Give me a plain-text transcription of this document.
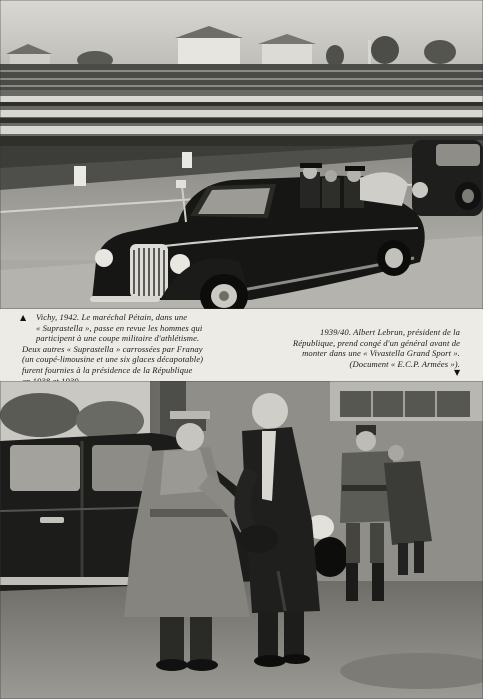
▲	Vichy, 1942. Le maréchal Pétain, dans une
« Suprastella », passe en revue les hommes qui
participent à une coupe militaire d'athlétisme.
Deux autres « Suprastella » carrossées par Franay
(un coupé-limousine et une six glaces décapotable)
furent fournies à la présidence de la République
1939/40. Albert Lebrun, président de la
République, prend congé d'un général avant de
monter dans une « Vivastella Grand Sport ».
(Document « E.C.P. Armées »).
▼
